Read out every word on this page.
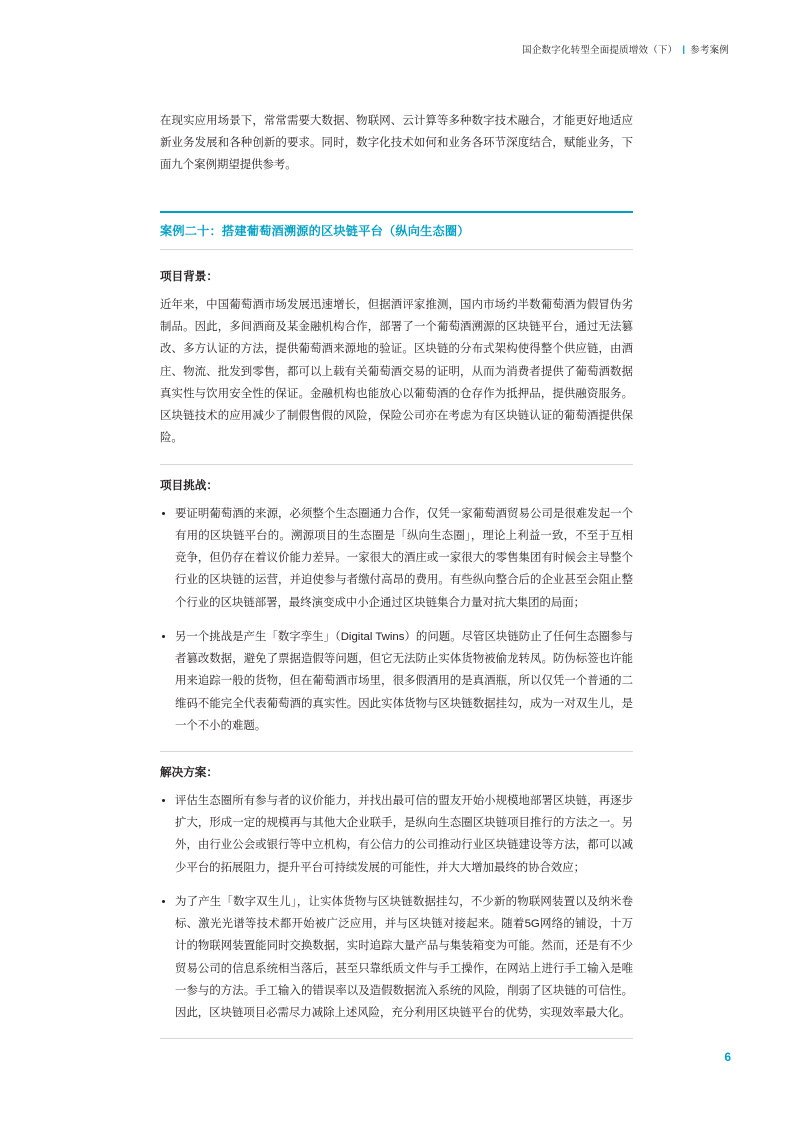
国企数字化转型全面提质增效（下） | 参考案例

在现实应用场景下，常常需要大数据、物联网、云计算等多种数字技术融合，才能更好地适应新业务发展和各种创新的要求。同时，数字化技术如何和业务各环节深度结合，赋能业务，下面九个案例期望提供参考。

案例二十：搭建葡萄酒溯源的区块链平台（纵向生态圈）
项目背景：
近年来，中国葡萄酒市场发展迅速增长，但据酒评家推测，国内市场约半数葡萄酒为假冒伪劣制品。因此，多间酒商及某金融机构合作，部署了一个葡萄酒溯源的区块链平台，通过无法篡改、多方认证的方法，提供葡萄酒来源地的验证。区块链的分布式架构使得整个供应链，由酒庄、物流、批发到零售，都可以上载有关葡萄酒交易的证明，从而为消费者提供了葡萄酒数据真实性与饮用安全性的保证。金融机构也能放心以葡萄酒的仓存作为抵押品，提供融资服务。区块链技术的应用减少了制假售假的风险，保险公司亦在考虑为有区块链认证的葡萄酒提供保险。
项目挑战：
要证明葡萄酒的来源，必须整个生态圈通力合作，仅凭一家葡萄酒贸易公司是很难发起一个有用的区块链平台的。溯源项目的生态圈是「纵向生态圈」，理论上利益一致，不至于互相竞争，但仍存在着议价能力差异。一家很大的酒庄或一家很大的零售集团有时候会主导整个行业的区块链的运营，并迫使参与者缴付高昂的费用。有些纵向整合后的企业甚至会阻止整个行业的区块链部署，最终演变成中小企通过区块链集合力量对抗大集团的局面；
另一个挑战是产生「数字孪生」（Digital Twins）的问题。尽管区块链防止了任何生态圈参与者篡改数据，避免了票据造假等问题，但它无法防止实体货物被偷龙转凤。防伪标签也许能用来追踪一般的货物，但在葡萄酒市场里，很多假酒用的是真酒瓶，所以仅凭一个普通的二维码不能完全代表葡萄酒的真实性。因此实体货物与区块链数据挂勾，成为一对双生儿，是一个不小的难题。
解决方案：
评估生态圈所有参与者的议价能力，并找出最可信的盟友开始小规模地部署区块链，再逐步扩大，形成一定的规模再与其他大企业联手，是纵向生态圈区块链项目推行的方法之一。另外，由行业公会或银行等中立机构，有公信力的公司推动行业区块链建设等方法，都可以减少平台的拓展阻力，提升平台可持续发展的可能性，并大大增加最终的协合效应；
为了产生「数字双生儿」，让实体货物与区块链数据挂勾，不少新的物联网装置以及纳米卷标、激光光谱等技术都开始被广泛应用，并与区块链对接起来。随着5G网络的铺设，十万计的物联网装置能同时交换数据，实时追踪大量产品与集装箱变为可能。然而，还是有不少贸易公司的信息系统相当落后，甚至只靠纸质文件与手工操作，在网站上进行手工输入是唯一参与的方法。手工输入的错误率以及造假数据流入系统的风险，削弱了区块链的可信性。因此，区块链项目必需尽力减除上述风险，充分利用区块链平台的优势，实现效率最大化。
6
